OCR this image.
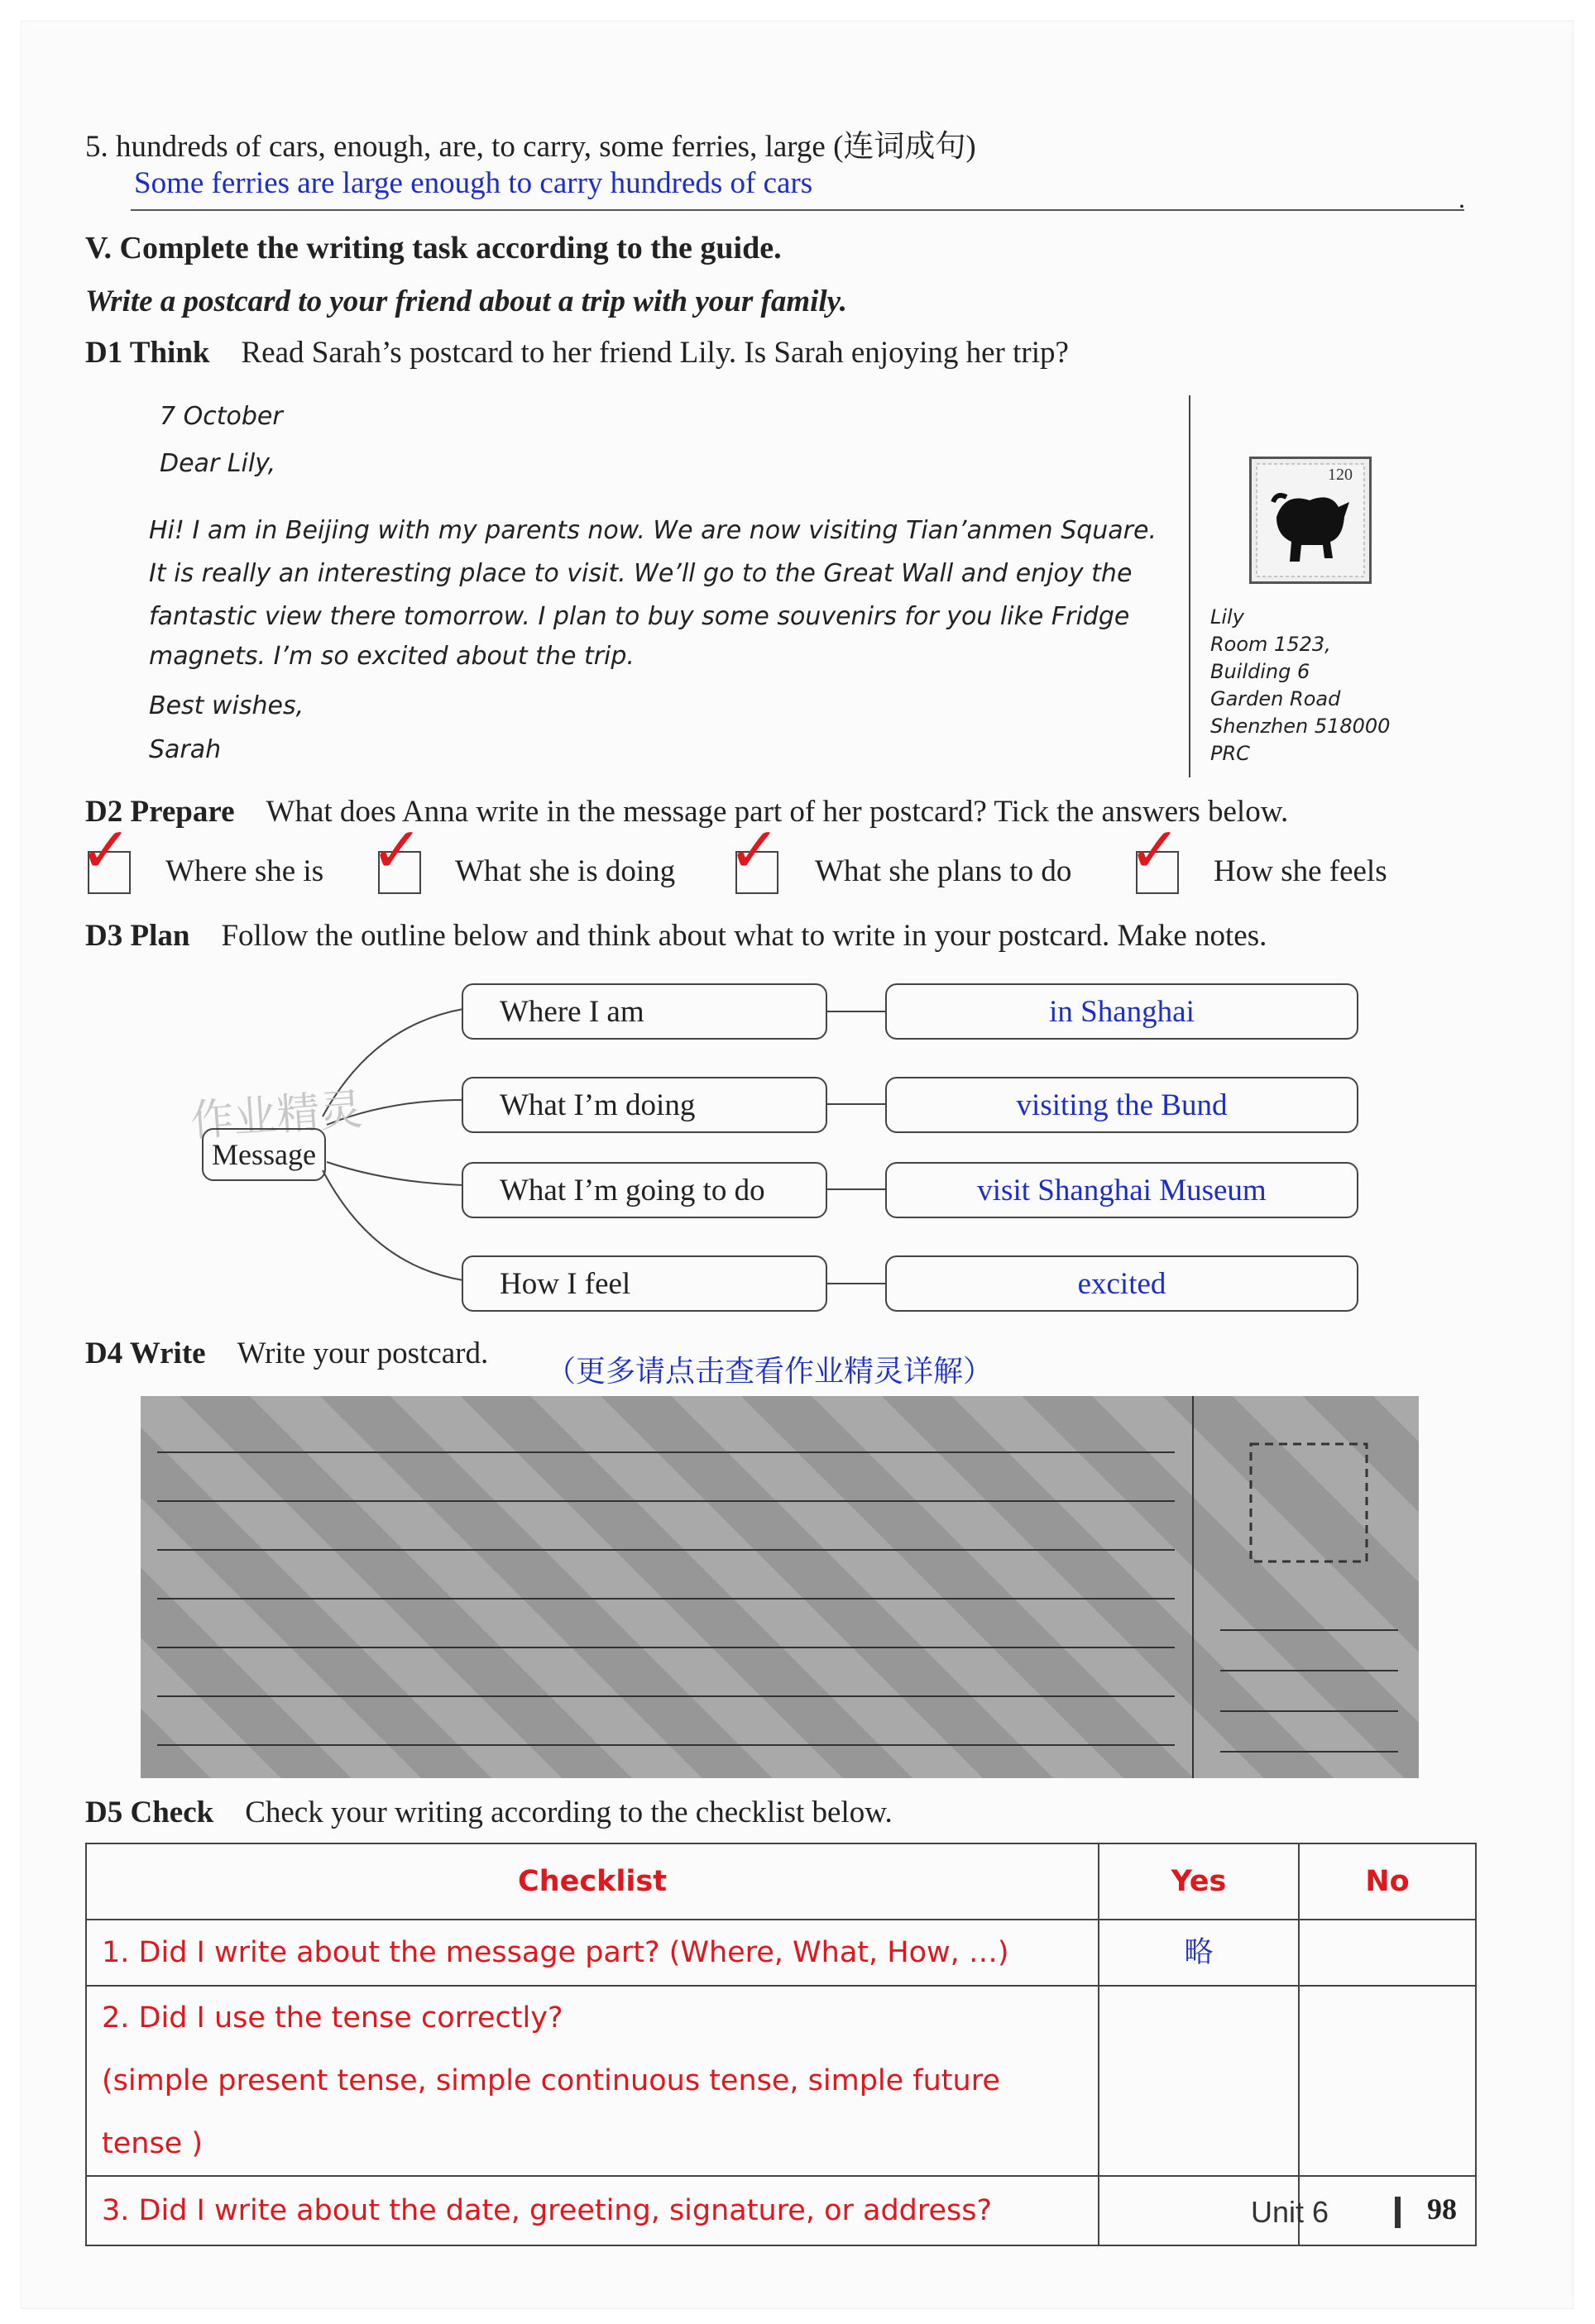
5. hundreds of cars, enough, are, to carry, some ferries, large (连词成句)
Some ferries are large enough to carry hundreds of cars	.
V. Complete the writing task according to the guide.
Write a postcard to your friend about a trip with your family.
D1 Think Read Sarah’s postcard to her friend Lily. Is Sarah enjoying her trip?
7 October
Dear Lily,
Hi! I am in Beijing with my parents now. We are now visiting Tian’anmen Square.
It is really an interesting place to visit. We’ll go to the Great Wall and enjoy the
fantastic view there tomorrow. I plan to buy some souvenirs for you like Fridge
magnets. I’m so excited about the trip.
Best wishes,
Sarah
120
Lily
Room 1523,
Building 6
Garden Road
Shenzhen 518000
PRC
D2 Prepare What does Anna write in the message part of her postcard? Tick the answers below.
✓ Where she is ✓ What she is doing ✓ What she plans to do ✓ How she feels
D3 Plan Follow the outline below and think about what to write in your postcard. Make notes.
作业精灵
Message
Where I am	in Shanghai
What I’m doing	visiting the Bund
What I’m going to do	visit Shanghai Museum
How I feel	excited
D4 Write Write your postcard.
（更多请点击查看作业精灵详解）
D5 Check Check your writing according to the checklist below.
Checklist	Yes	No
1. Did I write about the message part? (Where, What, How, …)	略	

2. Did I use the tense correctly?
(simple present tense, simple continuous tense, simple future tense )		

3. Did I write about the date, greeting, signature, or address?			Unit 6	98
